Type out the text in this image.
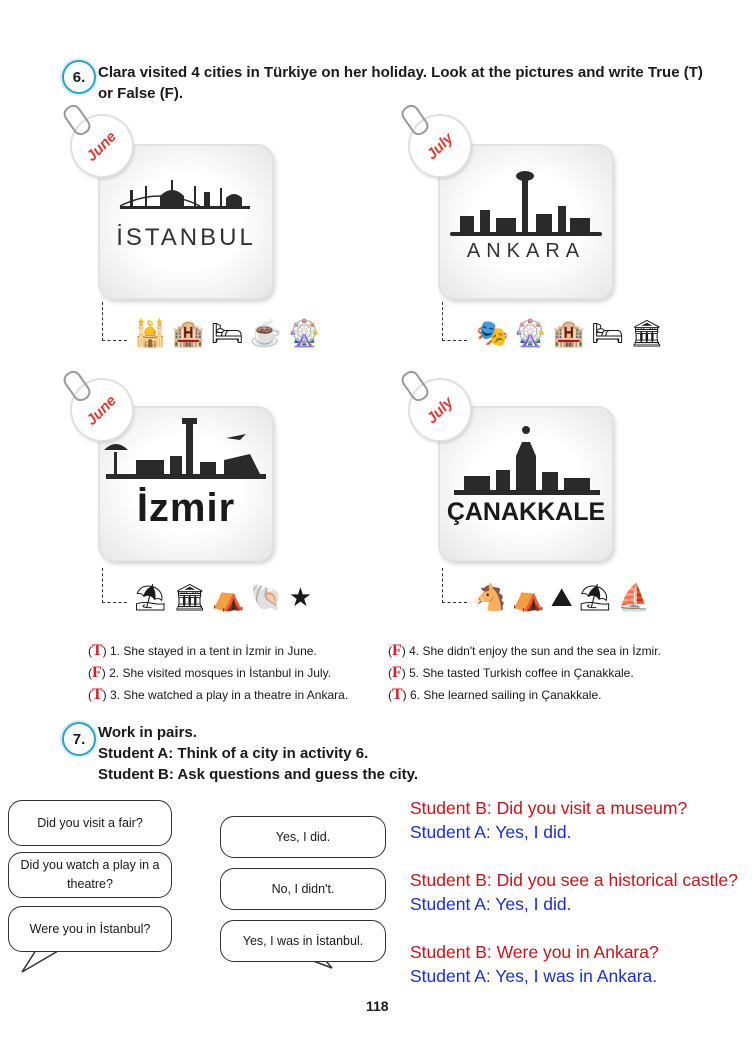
6. Clara visited 4 cities in Türkiye on her holiday. Look at the pictures and write True (T)
or False (F).
İSTANBUL
June
🕌 🏨 🛏 ☕ 🎡
ANKARA
July
🎭 🎡 🏨 🛏 🏛
İzmir
June
⛱ 🏛 ⛺ 🐚 ★
ÇANAKKALE
July
🐴 ⛺ ⛰ ⛱ ⛵
(T) 1. She stayed in a tent in İzmir in June.
(F) 2. She visited mosques in İstanbul in July.
(T) 3. She watched a play in a theatre in Ankara.
(F) 4. She didn't enjoy the sun and the sea in İzmir.
(F) 5. She tasted Turkish coffee in Çanakkale.
(T) 6. She learned sailing in Çanakkale.
7. Work in pairs.
Student A: Think of a city in activity 6.
Student B: Ask questions and guess the city.
Did you visit a fair?
Did you watch a play in a theatre?
Were you in İstanbul?
Yes, I did.
No, I didn't.
Yes, I was in İstanbul.
Student B: Did you visit a museum?
Student A: Yes, I did.
Student B: Did you see a historical castle?
Student A: Yes, I did.
Student B: Were you in Ankara?
Student A: Yes, I was in Ankara.
118
